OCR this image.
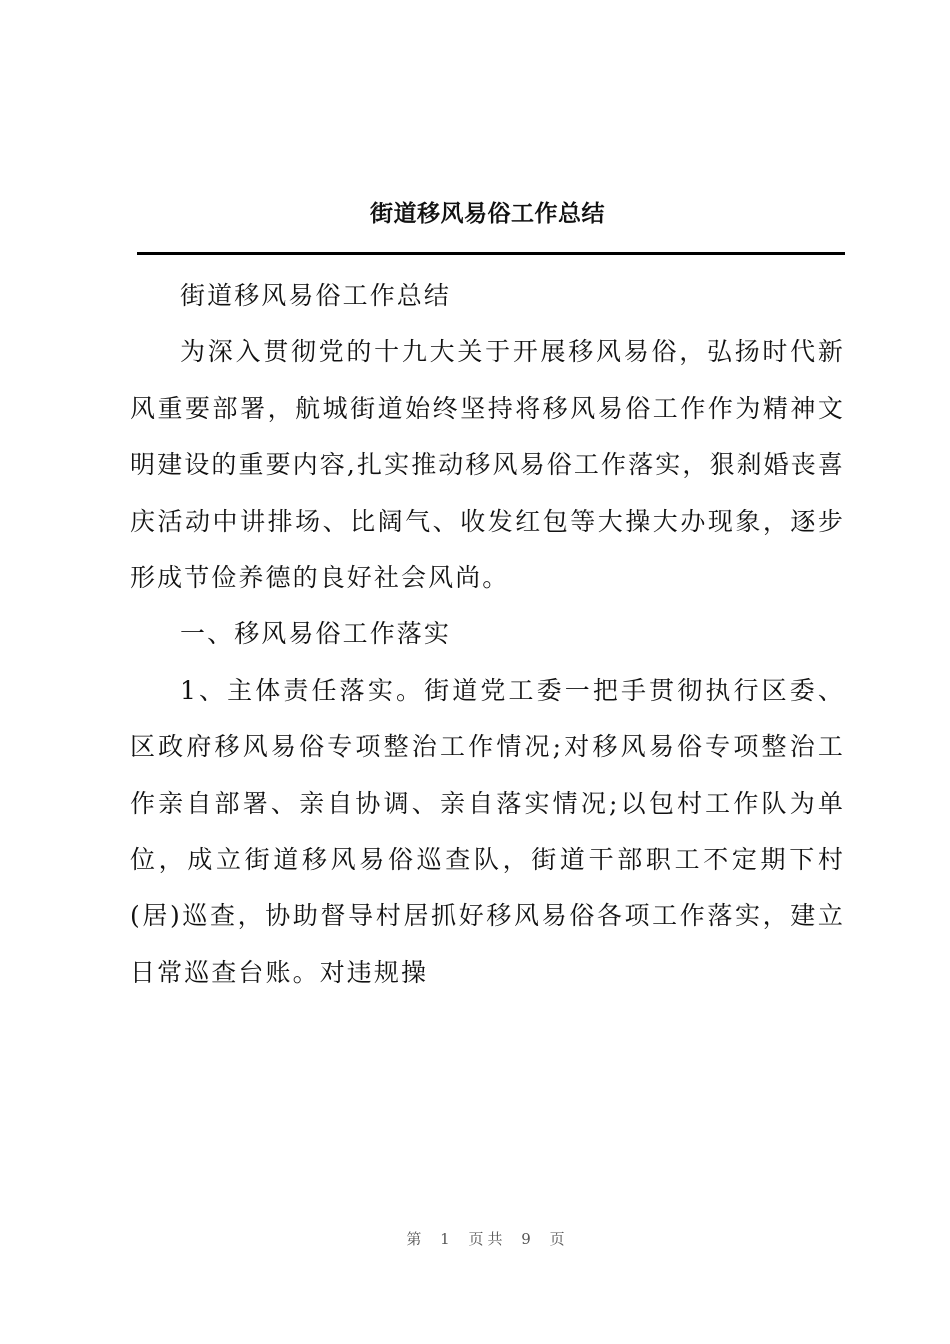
街道移风易俗工作总结

街道移风易俗工作总结

为深入贯彻党的十九大关于开展移风易俗，弘扬时代新风重要部署，航城街道始终坚持将移风易俗工作作为精神文明建设的重要内容,扎实推动移风易俗工作落实，狠刹婚丧喜庆活动中讲排场、比阔气、收发红包等大操大办现象，逐步形成节俭养德的良好社会风尚。

一、移风易俗工作落实

1、主体责任落实。街道党工委一把手贯彻执行区委、区政府移风易俗专项整治工作情况;对移风易俗专项整治工作亲自部署、亲自协调、亲自落实情况;以包村工作队为单位，成立街道移风易俗巡查队，街道干部职工不定期下村(居)巡查，协助督导村居抓好移风易俗各项工作落实，建立日常巡查台账。对违规操

第 1 页共 9 页
